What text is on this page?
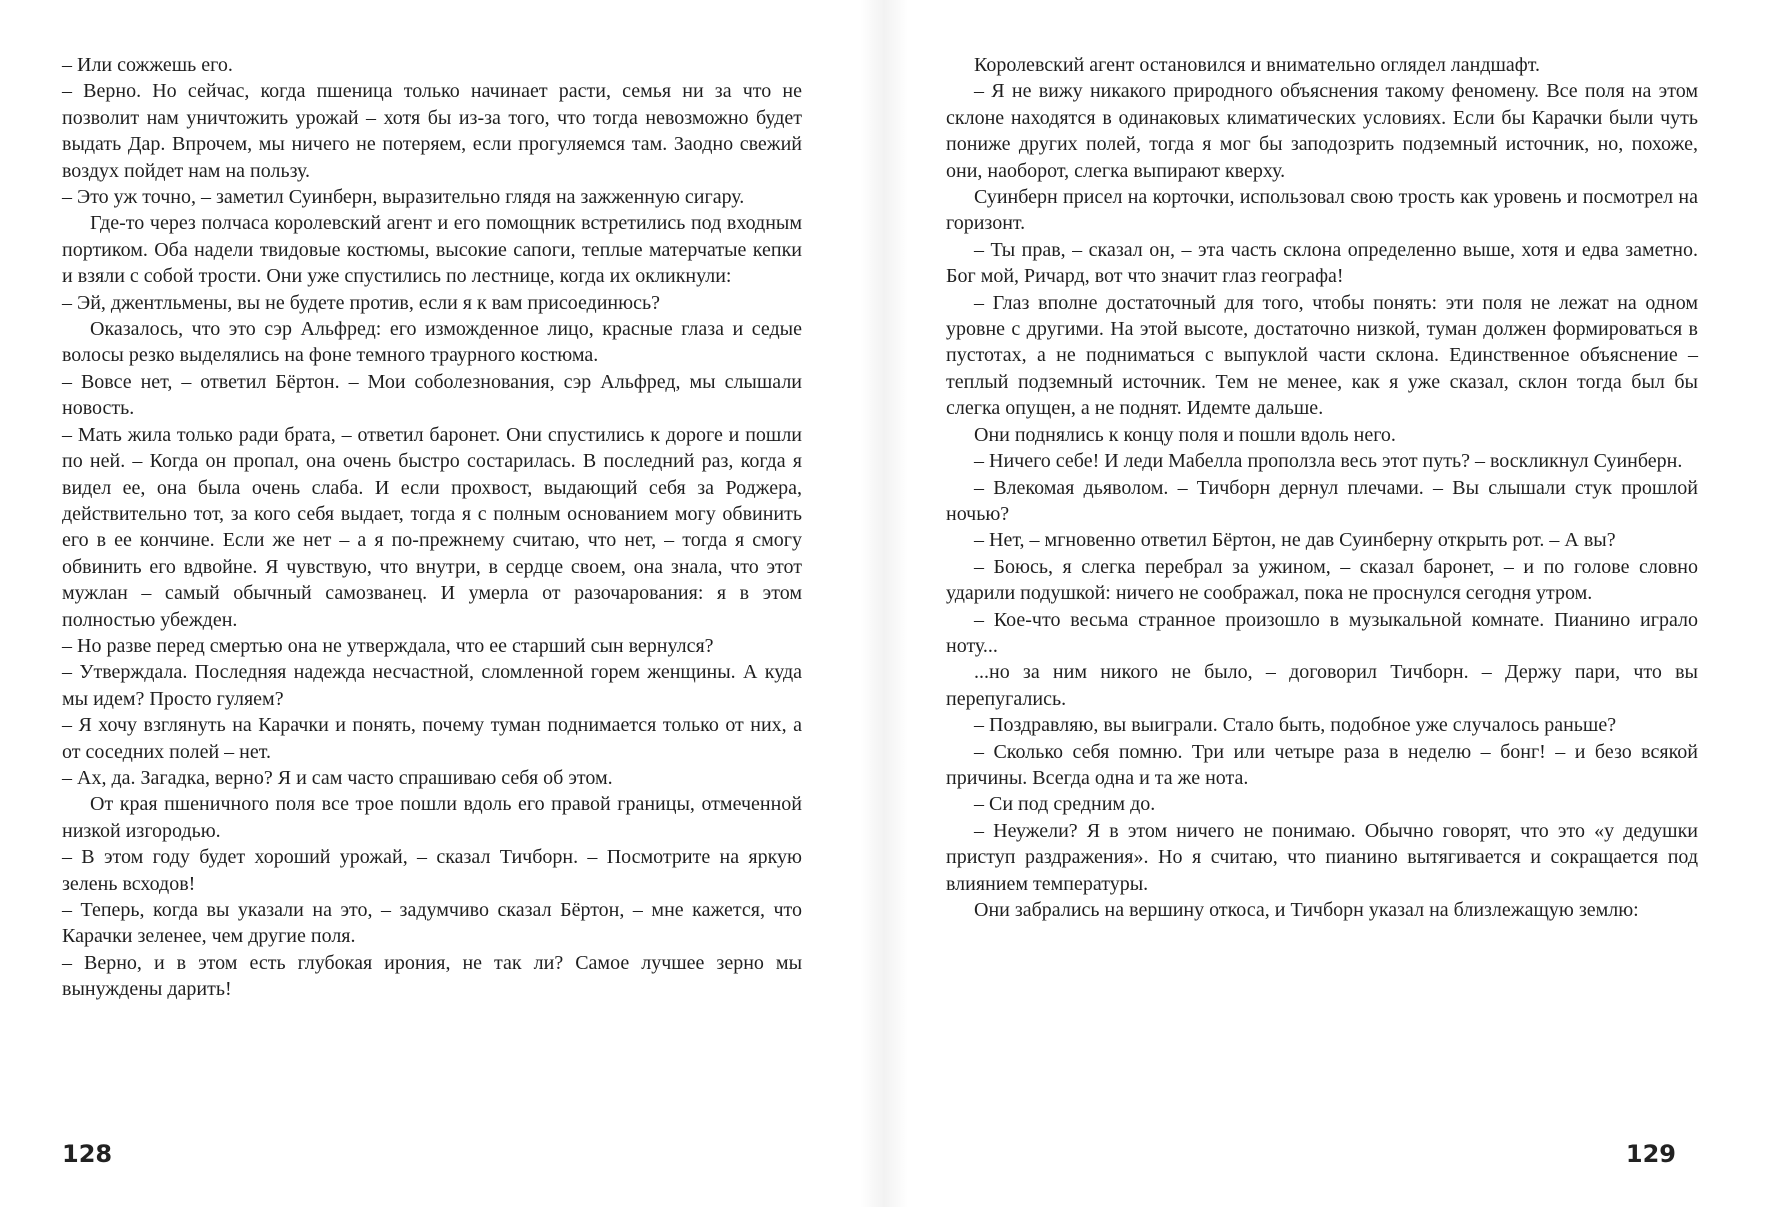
– Или сожжешь его.

– Верно. Но сейчас, когда пшеница только начинает расти, семья ни за что не позволит нам уничтожить урожай – хотя бы из-за того, что тогда невозможно будет выдать Дар. Впрочем, мы ничего не потеряем, если прогуляемся там. Заодно свежий воздух пойдет нам на пользу.

– Это уж точно, – заметил Суинберн, выразительно глядя на зажженную сигару.

Где-то через полчаса королевский агент и его помощник встретились под входным портиком. Оба надели твидовые костюмы, высокие сапоги, теплые матерчатые кепки и взяли с собой трости. Они уже спустились по лестнице, когда их окликнули:

– Эй, джентльмены, вы не будете против, если я к вам присоединюсь?

Оказалось, что это сэр Альфред: его изможденное лицо, красные глаза и седые волосы резко выделялись на фоне темного траурного костюма.

– Вовсе нет, – ответил Бёртон. – Мои соболезнования, сэр Альфред, мы слышали новость.

– Мать жила только ради брата, – ответил баронет. Они спустились к дороге и пошли по ней. – Когда он пропал, она очень быстро состарилась. В последний раз, когда я видел ее, она была очень слаба. И если прохвост, выдающий себя за Роджера, действительно тот, за кого себя выдает, тогда я с полным основанием могу обвинить его в ее кончине. Если же нет – а я по-прежнему считаю, что нет, – тогда я смогу обвинить его вдвойне. Я чувствую, что внутри, в сердце своем, она знала, что этот мужлан – самый обычный самозванец. И умерла от разочарования: я в этом полностью убежден.

– Но разве перед смертью она не утверждала, что ее старший сын вернулся?

– Утверждала. Последняя надежда несчастной, сломленной горем женщины. А куда мы идем? Просто гуляем?

– Я хочу взглянуть на Карачки и понять, почему туман поднимается только от них, а от соседних полей – нет.

– Ах, да. Загадка, верно? Я и сам часто спрашиваю себя об этом.

От края пшеничного поля все трое пошли вдоль его правой границы, отмеченной низкой изгородью.

– В этом году будет хороший урожай, – сказал Тичборн. – Посмотрите на яркую зелень всходов!

– Теперь, когда вы указали на это, – задумчиво сказал Бёртон, – мне кажется, что Карачки зеленее, чем другие поля.

– Верно, и в этом есть глубокая ирония, не так ли? Самое лучшее зерно мы вынуждены дарить!

128

Королевский агент остановился и внимательно оглядел ландшафт.

– Я не вижу никакого природного объяснения такому феномену. Все поля на этом склоне находятся в одинаковых климатических условиях. Если бы Карачки были чуть пониже других полей, тогда я мог бы заподозрить подземный источник, но, похоже, они, наоборот, слегка выпирают кверху.

Суинберн присел на корточки, использовал свою трость как уровень и посмотрел на горизонт.

– Ты прав, – сказал он, – эта часть склона определенно выше, хотя и едва заметно. Бог мой, Ричард, вот что значит глаз географа!

– Глаз вполне достаточный для того, чтобы понять: эти поля не лежат на одном уровне с другими. На этой высоте, достаточно низкой, туман должен формироваться в пустотах, а не подниматься с выпуклой части склона. Единственное объяснение – теплый подземный источник. Тем не менее, как я уже сказал, склон тогда был бы слегка опущен, а не поднят. Идемте дальше.

Они поднялись к концу поля и пошли вдоль него.

– Ничего себе! И леди Мабелла проползла весь этот путь? – воскликнул Суинберн.

– Влекомая дьяволом. – Тичборн дернул плечами. – Вы слышали стук прошлой ночью?

– Нет, – мгновенно ответил Бёртон, не дав Суинберну открыть рот. – А вы?

– Боюсь, я слегка перебрал за ужином, – сказал баронет, – и по голове словно ударили подушкой: ничего не соображал, пока не проснулся сегодня утром.

– Кое-что весьма странное произошло в музыкальной комнате. Пианино играло ноту...

...но за ним никого не было, – договорил Тичборн. – Держу пари, что вы перепугались.

– Поздравляю, вы выиграли. Стало быть, подобное уже случалось раньше?

– Сколько себя помню. Три или четыре раза в неделю – бонг! – и безо всякой причины. Всегда одна и та же нота.

– Си под средним до.

– Неужели? Я в этом ничего не понимаю. Обычно говорят, что это «у дедушки приступ раздражения». Но я считаю, что пианино вытягивается и сокращается под влиянием температуры.

Они забрались на вершину откоса, и Тичборн указал на близлежащую землю:

129
